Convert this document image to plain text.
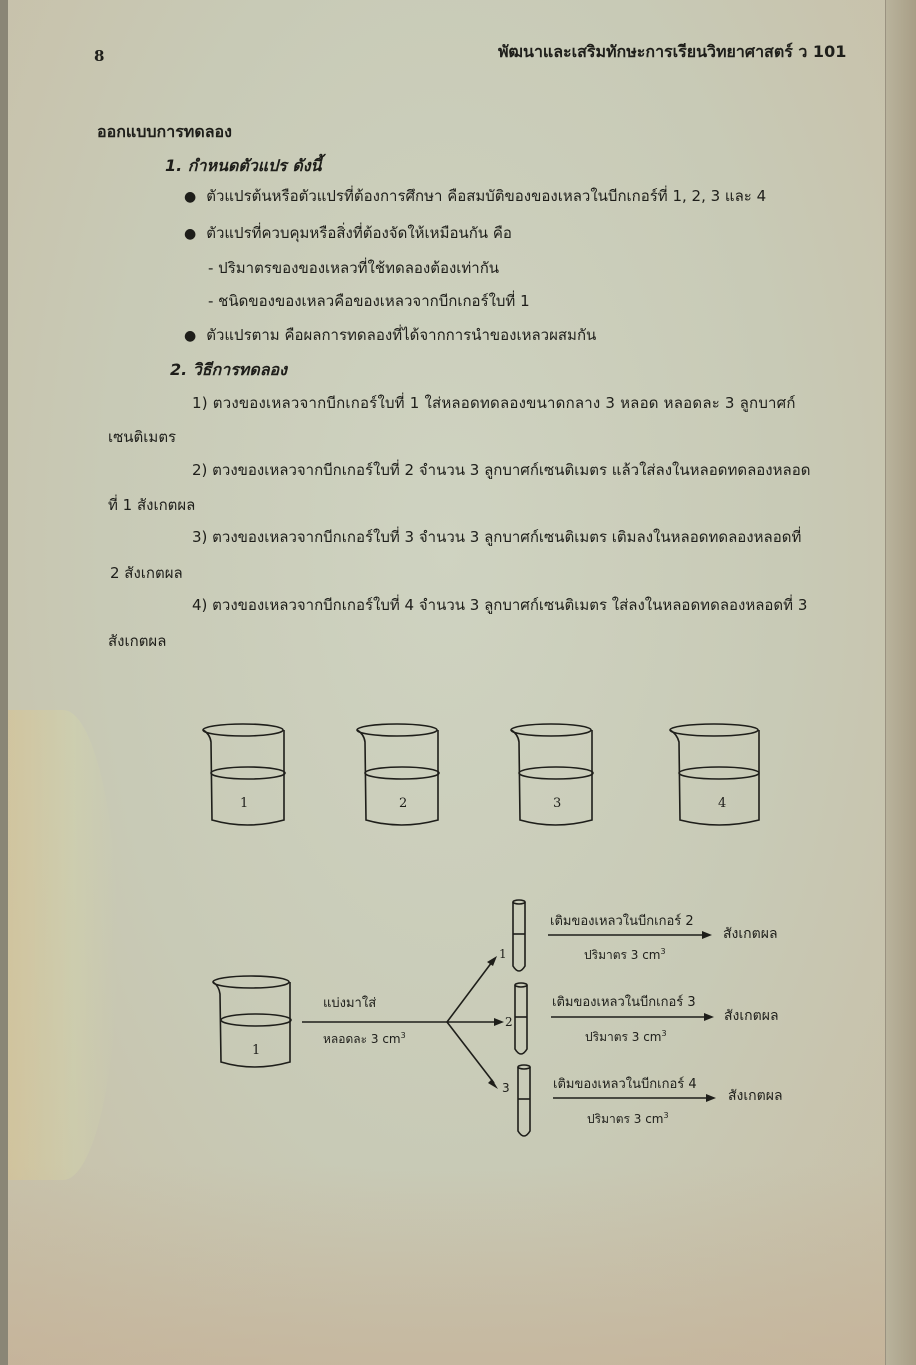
8	พัฒนาและเสริมทักษะการเรียนวิทยาศาสตร์ ว 101
ออกแบบการทดลอง
1. กำหนดตัวแปร ดังนี้
● ตัวแปรต้นหรือตัวแปรที่ต้องการศึกษา คือสมบัติของของเหลวในบีกเกอร์ที่ 1, 2, 3 และ 4
● ตัวแปรที่ควบคุมหรือสิ่งที่ต้องจัดให้เหมือนกัน คือ
- ปริมาตรของของเหลวที่ใช้ทดลองต้องเท่ากัน
- ชนิดของของเหลวคือของเหลวจากบีกเกอร์ใบที่ 1
● ตัวแปรตาม คือผลการทดลองที่ได้จากการนำของเหลวผสมกัน
2. วิธีการทดลอง
1) ตวงของเหลวจากบีกเกอร์ใบที่ 1 ใส่หลอดทดลองขนาดกลาง 3 หลอด หลอดละ 3 ลูกบาศก์
เซนติเมตร
2) ตวงของเหลวจากบีกเกอร์ใบที่ 2 จำนวน 3 ลูกบาศก์เซนติเมตร แล้วใส่ลงในหลอดทดลองหลอด
ที่ 1 สังเกตผล
3) ตวงของเหลวจากบีกเกอร์ใบที่ 3 จำนวน 3 ลูกบาศก์เซนติเมตร เติมลงในหลอดทดลองหลอดที่
2 สังเกตผล
4) ตวงของเหลวจากบีกเกอร์ใบที่ 4 จำนวน 3 ลูกบาศก์เซนติเมตร ใส่ลงในหลอดทดลองหลอดที่ 3
สังเกตผล
1	2	3	4
1
แบ่งมาใส่
หลอดละ 3 $cm^3$
1
2
3
เติมของเหลวในบีกเกอร์ 2
ปริมาตร 3 $cm^3$
สังเกตผล
เติมของเหลวในบีกเกอร์ 3
ปริมาตร 3 $cm^3$
สังเกตผล
เติมของเหลวในบีกเกอร์ 4
ปริมาตร 3 $cm^3$
สังเกตผล
